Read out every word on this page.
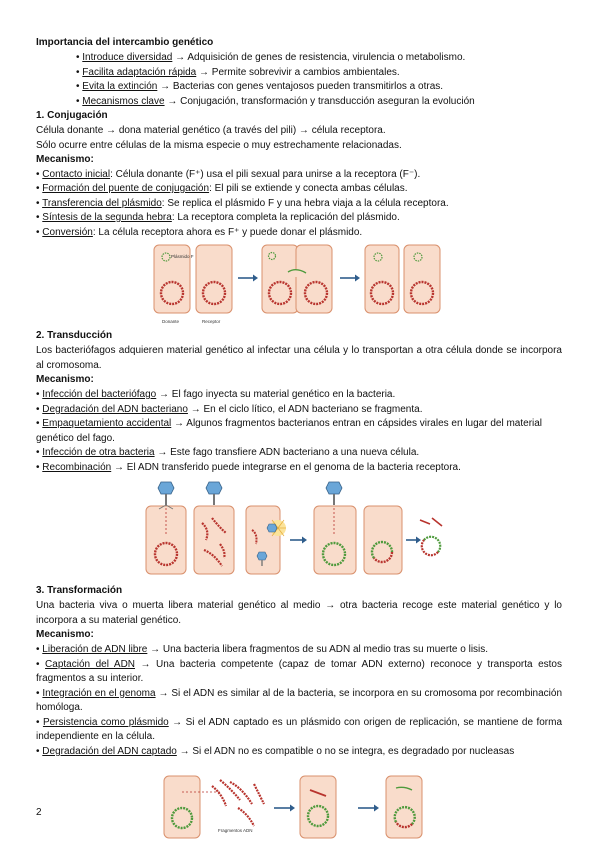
Importancia del intercambio genético
• Introduce diversidad → Adquisición de genes de resistencia, virulencia o metabolismo.
• Facilita adaptación rápida → Permite sobrevivir a cambios ambientales.
• Evita la extinción → Bacterias con genes ventajosos pueden transmitirlos a otras.
• Mecanismos clave → Conjugación, transformación y transducción aseguran la evolución
1. Conjugación
Célula donante → dona material genético (a través del pili) → célula receptora.
Sólo ocurre entre células de la misma especie o muy estrechamente relacionadas.
Mecanismo:
• Contacto inicial: Célula donante (F⁺) usa el pili sexual para unirse a la receptora (F⁻).
• Formación del puente de conjugación: El pili se extiende y conecta ambas células.
• Transferencia del plásmido: Se replica el plásmido F y una hebra viaja a la célula receptora.
• Síntesis de la segunda hebra: La receptora completa la replicación del plásmido.
• Conversión: La célula receptora ahora es F⁺ y puede donar el plásmido.
Plásmido F
Donante	Receptor
2. Transducción
Los bacteriófagos adquieren material genético al infectar una célula y lo transportan a otra célula donde se incorpora al cromosoma.
Mecanismo:
• Infección del bacteriófago → El fago inyecta su material genético en la bacteria.
• Degradación del ADN bacteriano → En el ciclo lítico, el ADN bacteriano se fragmenta.
• Empaquetamiento accidental → Algunos fragmentos bacterianos entran en cápsides virales en lugar del material genético del fago.
• Infección de otra bacteria → Este fago transfiere ADN bacteriano a una nueva célula.
• Recombinación → El ADN transferido puede integrarse en el genoma de la bacteria receptora.
3. Transformación
Una bacteria viva o muerta libera material genético al medio → otra bacteria recoge este material genético y lo incorpora a su material genético.
Mecanismo:
• Liberación de ADN libre → Una bacteria libera fragmentos de su ADN al medio tras su muerte o lisis.
• Captación del ADN → Una bacteria competente (capaz de tomar ADN externo) reconoce y transporta estos fragmentos a su interior.
• Integración en el genoma → Si el ADN es similar al de la bacteria, se incorpora en su cromosoma por recombinación homóloga.
• Persistencia como plásmido → Si el ADN captado es un plásmido con origen de replicación, se mantiene de forma independiente en la célula.
• Degradación del ADN captado → Si el ADN no es compatible o no se integra, es degradado por nucleasas
Fragmentos ADN
2
